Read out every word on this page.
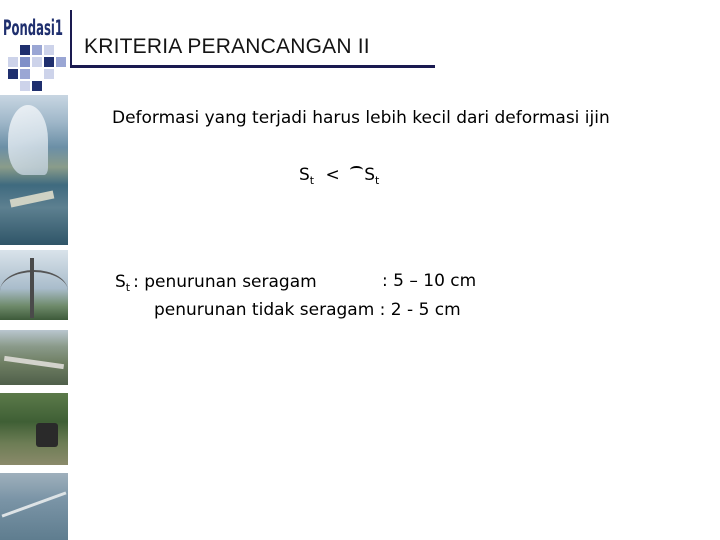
Pondasi1
KRITERIA PERANCANGAN II
Deformasi yang terjadi harus lebih kecil dari deformasi ijin
St < St
St : penurunan seragam	: 5 – 10 cm
penurunan tidak seragam : 2 - 5 cm
